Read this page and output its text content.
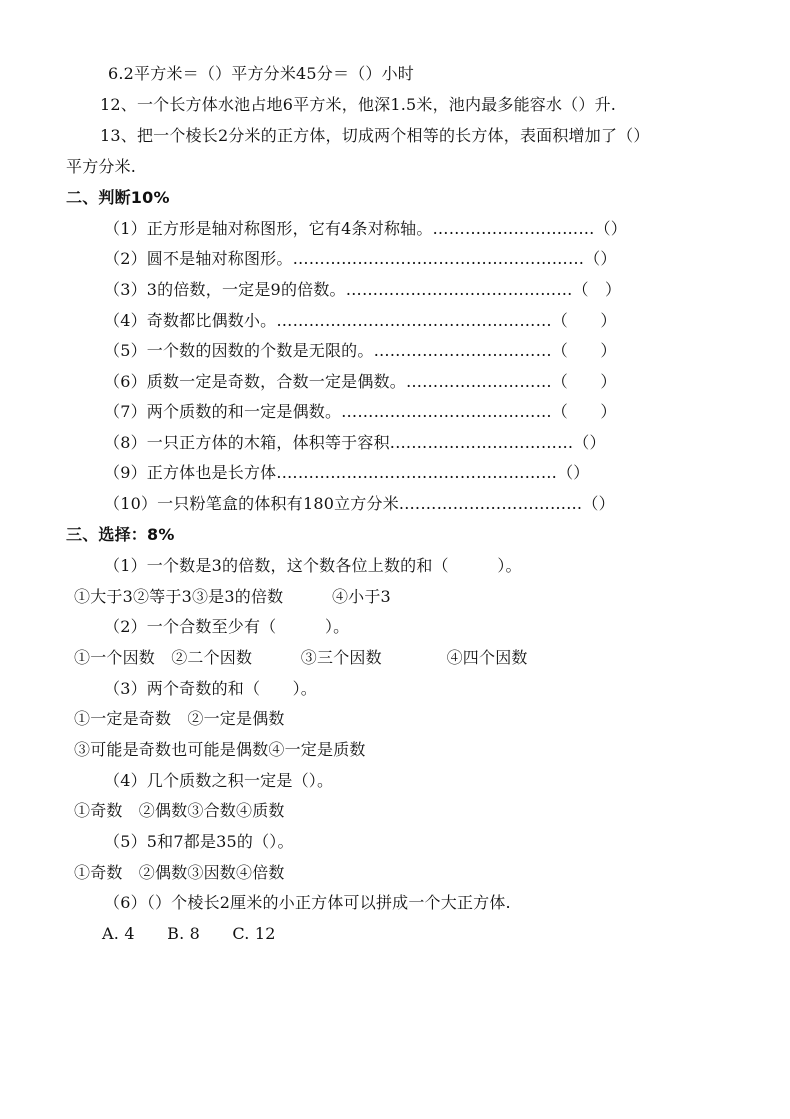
6.2平方米＝（）平方分米45分＝（）小时
12、一个长方体水池占地6平方米，他深1.5米，池内最多能容水（）升.
13、把一个棱长2分米的正方体，切成两个相等的长方体，表面积增加了（）
平方分米.
二、判断10%
（1）正方形是轴对称图形，它有4条对称轴。…………………………（）
（2）圆不是轴对称图形。………………………………………………（）
（3）3的倍数，一定是9的倍数。……………………………………（　）
（4）奇数都比偶数小。……………………………………………（　　）
（5）一个数的因数的个数是无限的。……………………………（　　）
（6）质数一定是奇数，合数一定是偶数。………………………（　　）
（7）两个质数的和一定是偶数。…………………………………（　　）
（8）一只正方体的木箱，体积等于容积.……………………………（）
（9）正方体也是长方体.……………………………………………（）
（10）一只粉笔盒的体积有180立方分米.……………………………（）
三、选择：8%
（1）一个数是3的倍数，这个数各位上数的和（　　　）。
①大于3②等于3③是3的倍数　　　④小于3
（2）一个合数至少有（　　　）。
①一个因数　②二个因数　　　③三个因数　　　　④四个因数
（3）两个奇数的和（　　）。
①一定是奇数　②一定是偶数
③可能是奇数也可能是偶数④一定是质数
（4）几个质数之积一定是（）。
①奇数　②偶数③合数④质数
（5）5和7都是35的（）。
①奇数　②偶数③因数④倍数
（6）（）个棱长2厘米的小正方体可以拼成一个大正方体.
A. 4　　B. 8　　C. 12
